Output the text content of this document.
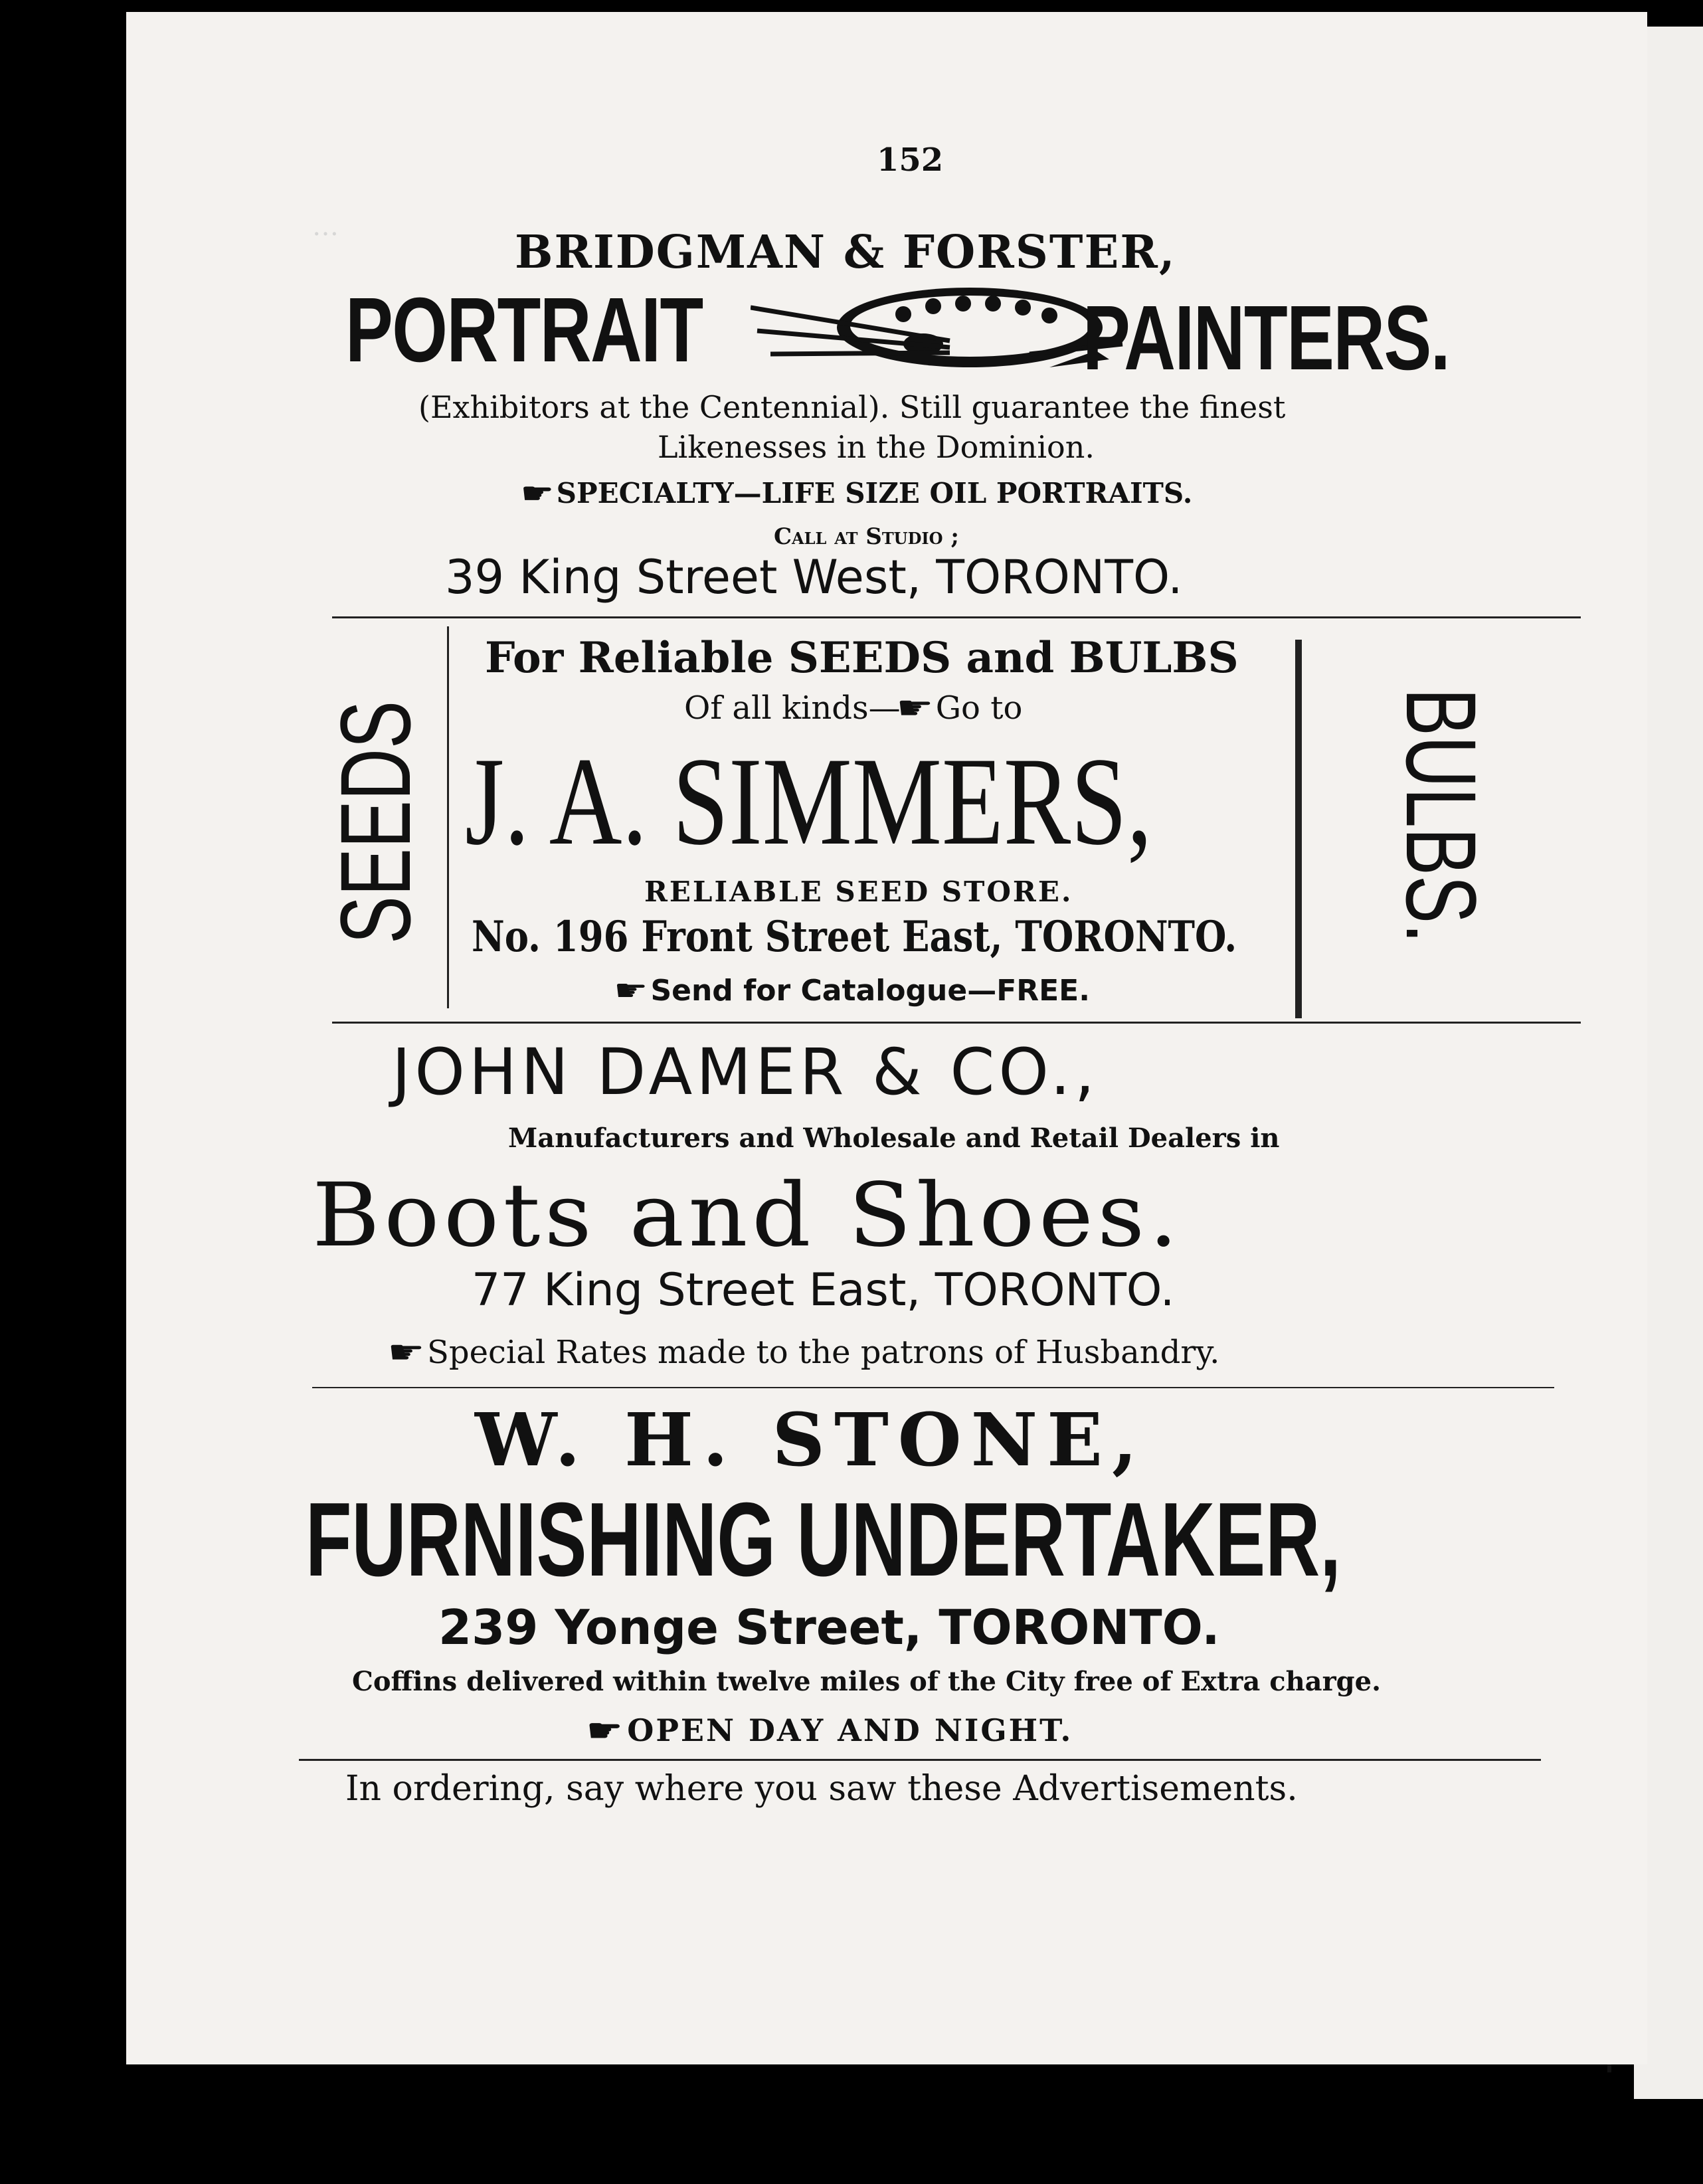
…
152
BRIDGMAN & FORSTER,
PORTRAIT	PAINTERS.
(Exhibitors at the Centennial). Still guarantee the finest
Likenesses in the Dominion.
☛ SPECIALTY—LIFE SIZE OIL PORTRAITS.
Call at Studio ;
39 King Street West, TORONTO.
SEEDS	BULBS.
For Reliable SEEDS and BULBS
Of all kinds—☛Go to
J. A. SIMMERS,
RELIABLE SEED STORE.
No. 196 Front Street East, TORONTO.
☛Send for Catalogue—FREE.
JOHN DAMER & CO.,
Manufacturers and Wholesale and Retail Dealers in
Boots and Shoes.
77 King Street East, TORONTO.
☛Special Rates made to the patrons of Husbandry.
W. H. STONE,
FURNISHING UNDERTAKER,
239 Yonge Street, TORONTO.
Coffins delivered within twelve miles of the City free of Extra charge.
☛OPEN DAY AND NIGHT.
In ordering, say where you saw these Advertisements.
